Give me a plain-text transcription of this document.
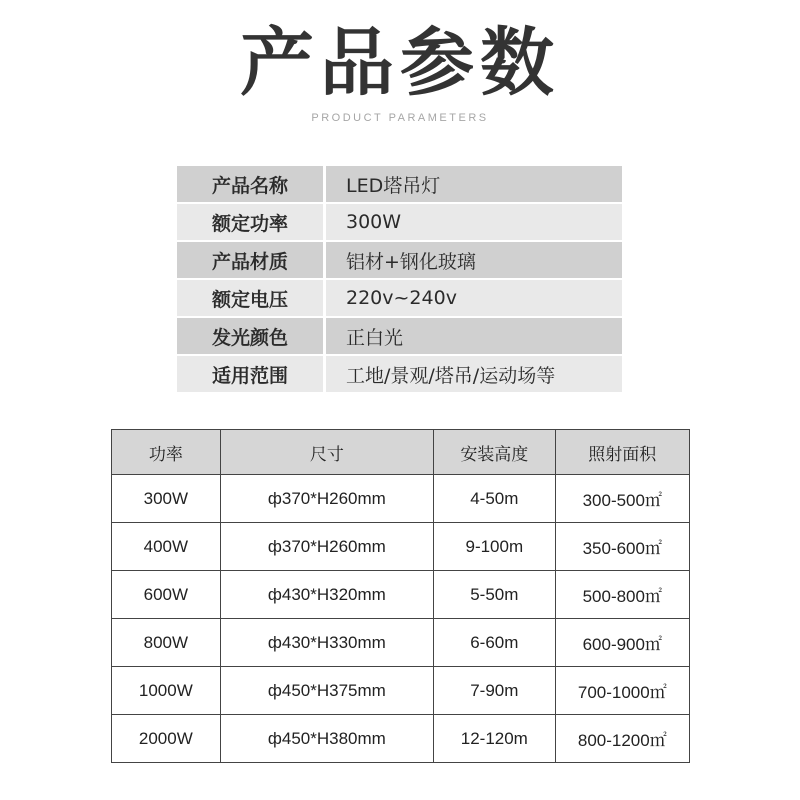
产品参数
PRODUCT PARAMETERS
产品名称	LED塔吊灯
额定功率	300W
产品材质	铝材+钢化玻璃
额定电压	220v~240v
发光颜色	正白光
适用范围	工地/景观/塔吊/运动场等
功率	尺寸	安装高度	照射面积
300W	ф370*H260mm	4-50m	300-500㎡
400W	ф370*H260mm	9-100m	350-600㎡
600W	ф430*H320mm	5-50m	500-800㎡
800W	ф430*H330mm	6-60m	600-900㎡
1000W	ф450*H375mm	7-90m	700-1000㎡
2000W	ф450*H380mm	12-120m	800-1200㎡
